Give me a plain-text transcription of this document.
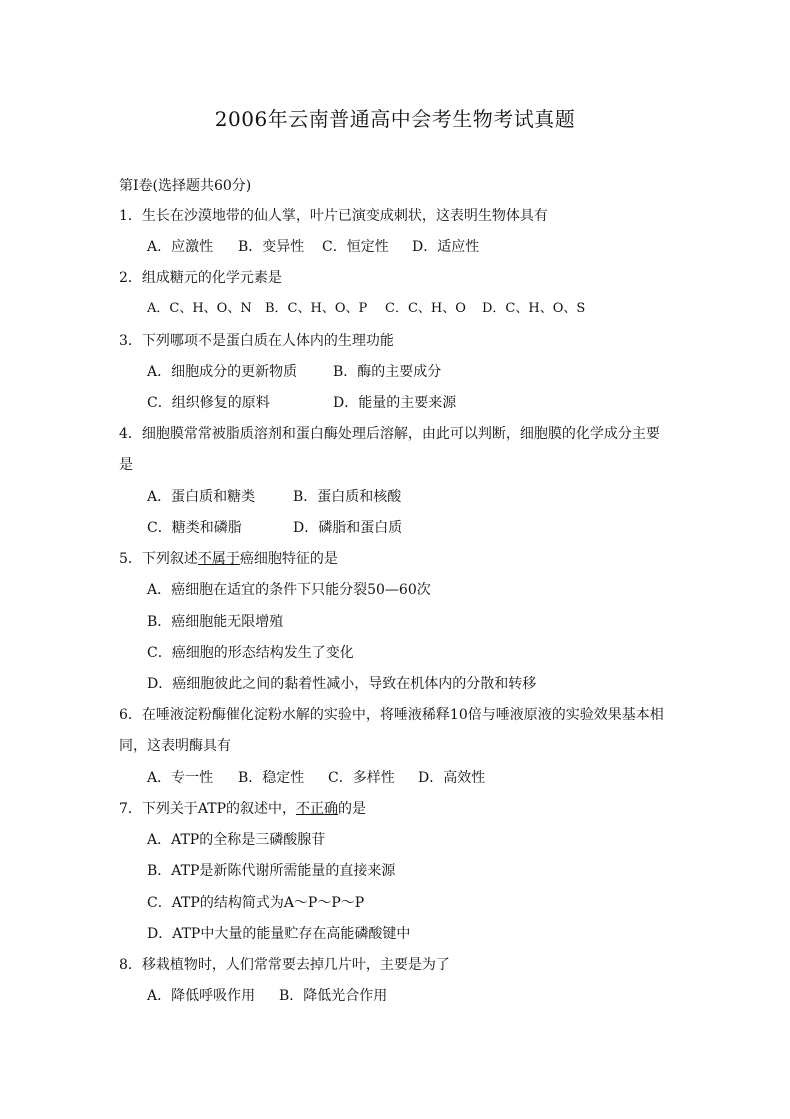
2006年云南普通高中会考生物考试真题
第Ⅰ卷(选择题共60分)
1．生长在沙漠地带的仙人掌，叶片已演变成刺状，这表明生物体具有
A．应激性 B．变异性 C．恒定性 D．适应性
2．组成糖元的化学元素是
A．C、H、O、N B．C、H、O、P C．C、H、O D．C、H、O、S
3．下列哪项不是蛋白质在人体内的生理功能
A．细胞成分的更新物质	B．酶的主要成分
C．组织修复的原料	D．能量的主要来源
4．细胞膜常常被脂质溶剂和蛋白酶处理后溶解，由此可以判断，细胞膜的化学成分主要
是
A．蛋白质和糖类	B．蛋白质和核酸
C．糖类和磷脂	D．磷脂和蛋白质
5．下列叙述不属于癌细胞特征的是
A．癌细胞在适宜的条件下只能分裂50—60次
B．癌细胞能无限增殖
C．癌细胞的形态结构发生了变化
D．癌细胞彼此之间的黏着性减小，导致在机体内的分散和转移
6．在唾液淀粉酶催化淀粉水解的实验中，将唾液稀释10倍与唾液原液的实验效果基本相
同，这表明酶具有
A．专一性 B．稳定性 C．多样性 D．高效性
7．下列关于ATP的叙述中，不正确的是
A．ATP的全称是三磷酸腺苷
B．ATP是新陈代谢所需能量的直接来源
C．ATP的结构简式为A～P～P～P
D．ATP中大量的能量贮存在高能磷酸键中
8．移栽植物时，人们常常要去掉几片叶，主要是为了
A．降低呼吸作用 B．降低光合作用
